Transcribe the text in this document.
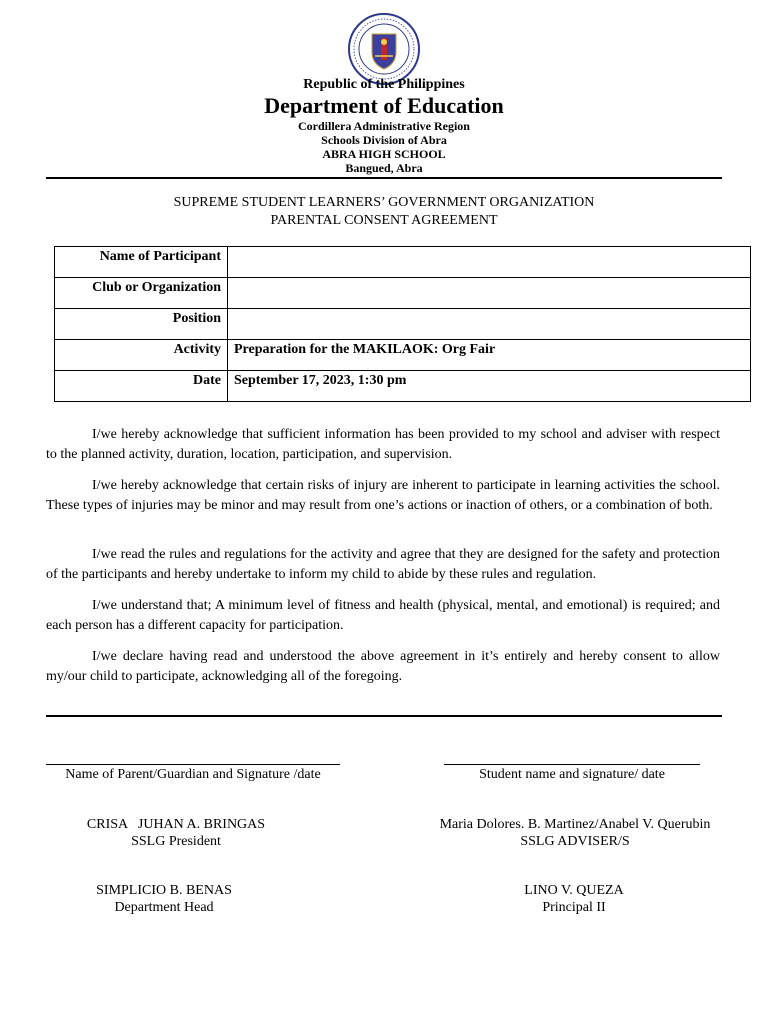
Republic of the Philippines
Department of Education
Cordillera Administrative Region
Schools Division of Abra
ABRA HIGH SCHOOL
Bangued, Abra
SUPREME STUDENT LEARNERS’ GOVERNMENT ORGANIZATION
PARENTAL CONSENT AGREEMENT
Name of Participant	
Club or Organization	
Position	
Activity	Preparation for the MAKILAOK: Org Fair
Date	September 17, 2023, 1:30 pm
I/we hereby acknowledge that sufficient information has been provided to my school and adviser with respect to the planned activity, duration, location, participation, and supervision.
I/we hereby acknowledge that certain risks of injury are inherent to participate in learning activities the school. These types of injuries may be minor and may result from one’s actions or inaction of others, or a combination of both.
I/we read the rules and regulations for the activity and agree that they are designed for the safety and protection of the participants and hereby undertake to inform my child to abide by these rules and regulation.
I/we understand that; A minimum level of fitness and health (physical, mental, and emotional) is required; and each person has a different capacity for participation.
I/we declare having read and understood the above agreement in it’s entirely and hereby consent to allow my/our child to participate, acknowledging all of the foregoing.
Name of Parent/Guardian and Signature /date	Student name and signature/ date
CRISA   JUHAN A. BRINGAS
SSLG President
Maria Dolores. B. Martinez/Anabel V. Querubin
SSLG ADVISER/S
SIMPLICIO B. BENAS
Department Head
LINO V. QUEZA
Principal II
